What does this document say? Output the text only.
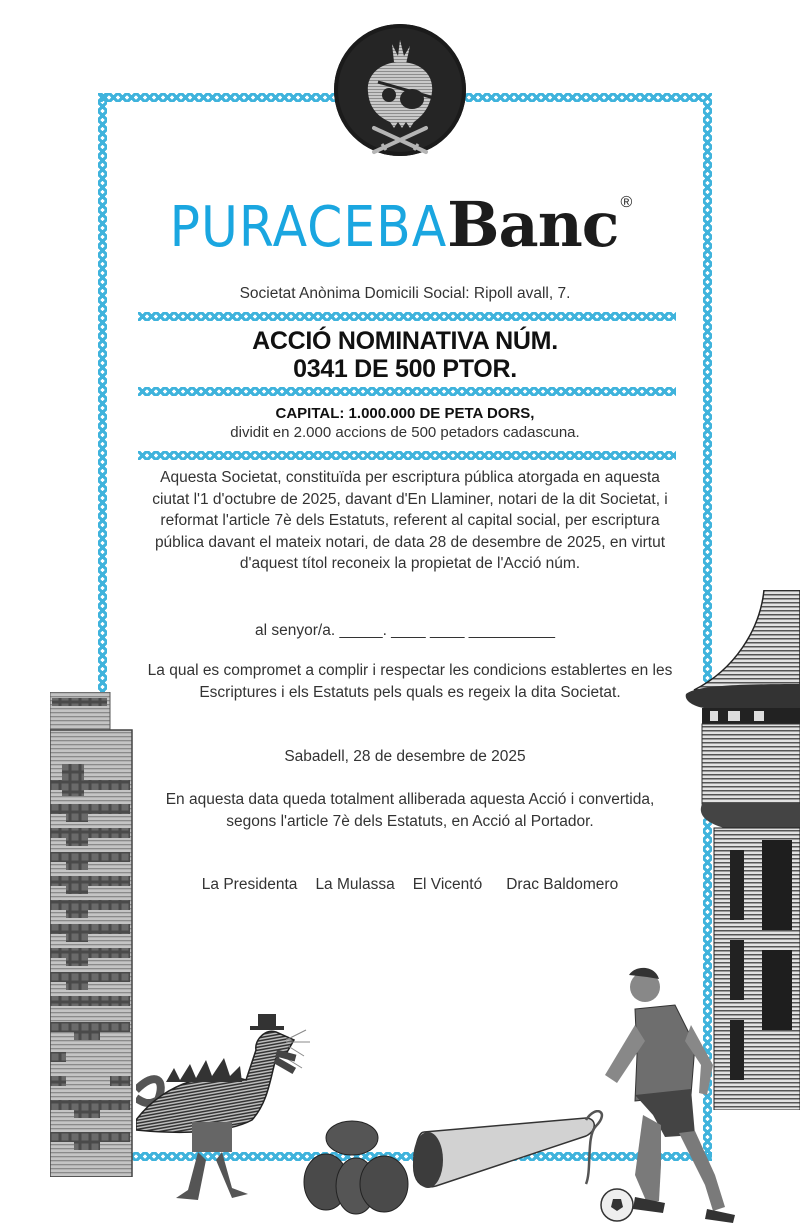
PURACEBABanc ®
Societat Anònima Domicili Social: Ripoll avall, 7.
ACCIÓ NOMINATIVA NÚM.
0341 DE 500 PTOR.
CAPITAL: 1.000.000 DE PETA DORS,
dividit en 2.000 accions de 500 petadors cadascuna.
Aquesta Societat, constituïda per escriptura pública atorgada en aquesta ciutat l'1 d'octubre de 2025, davant d'En Llaminer, notari de la dit Societat, i reformat l'article 7è dels Estatuts, referent al capital social, per escriptura pública davant el mateix notari, de data 28 de desembre de 2025, en virtut d'aquest títol reconeix la propietat de l'Acció núm.
al senyor/a. _____. ____ ____ __________
La qual es compromet a complir i respectar les condicions establertes en les Escriptures i els Estatuts pels quals es regeix la dita Societat.
Sabadell, 28 de desembre de 2025
En aquesta data queda totalment alliberada aquesta Acció i convertida, segons l'article 7è dels Estatuts, en Acció al Portador.
La Presidenta La Mulassa El Vicentó Drac Baldomero
